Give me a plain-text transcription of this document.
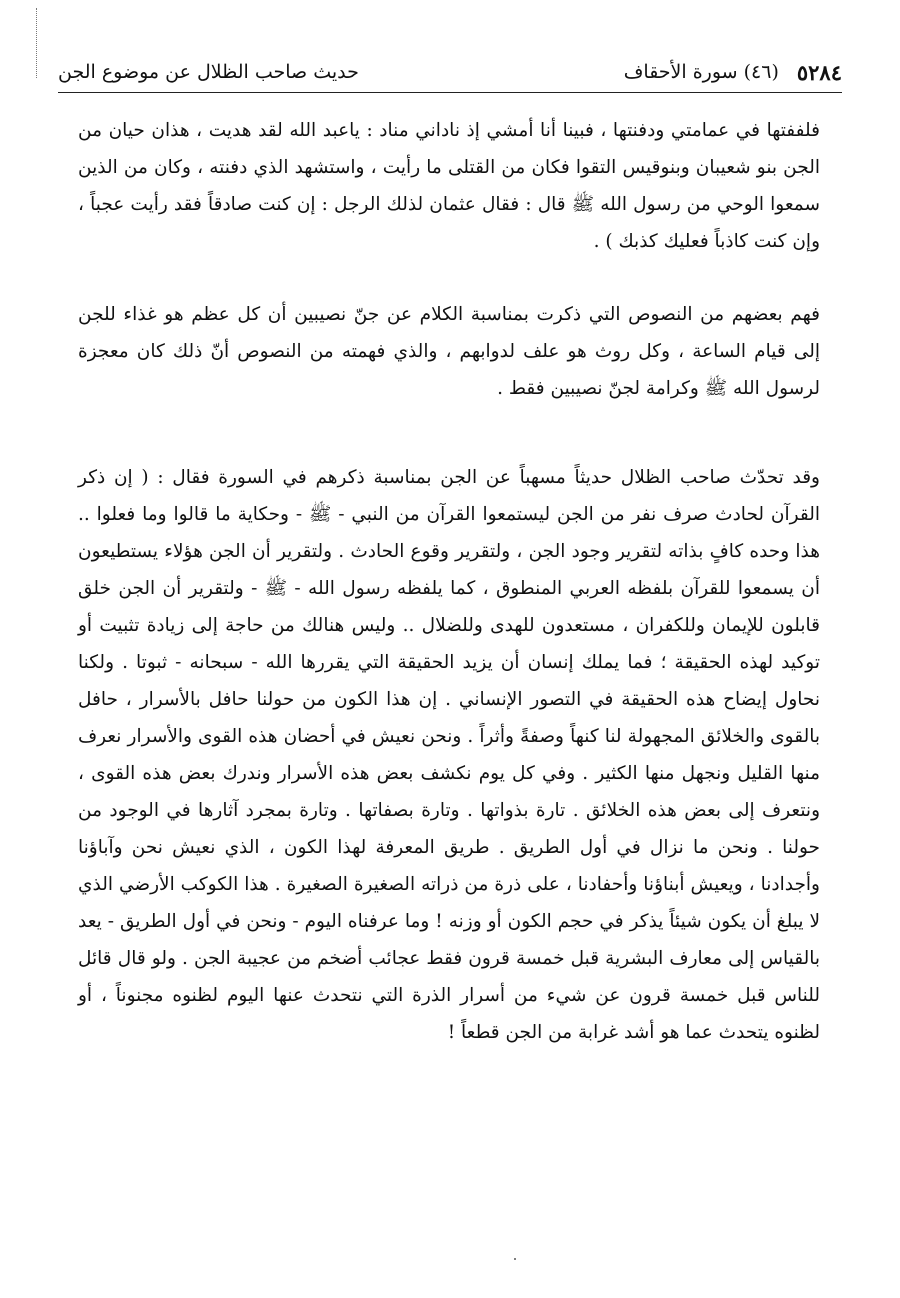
٥٢٨٤
(٤٦) سورة الأحقاف
حديث صاحب الظلال عن موضوع الجن

فلففتها في عمامتي ودفنتها ، فبينا أنا أمشي إذ ناداني مناد : ياعبد الله لقد هديت ، هذان حيان من الجن بنو شعيبان وبنوقيس التقوا فكان من القتلى ما رأيت ، واستشهد الذي دفنته ، وكان من الذين سمعوا الوحي من رسول الله ﷺ قال : فقال عثمان لذلك الرجل : إن كنت صادقاً فقد رأيت عجباً ، وإن كنت كاذباً فعليك كذبك ) .

فهم بعضهم من النصوص التي ذكرت بمناسبة الكلام عن جنّ نصيبين أن كل عظم هو غذاء للجن إلى قيام الساعة ، وكل روث هو علف لدوابهم ، والذي فهمته من النصوص أنّ ذلك كان معجزة لرسول الله ﷺ وكرامة لجنّ نصيبين فقط .

وقد تحدّث صاحب الظلال حديثاً مسهباً عن الجن بمناسبة ذكرهم في السورة فقال : ( إن ذكر القرآن لحادث صرف نفر من الجن ليستمعوا القرآن من النبي - ﷺ - وحكاية ما قالوا وما فعلوا .. هذا وحده كافٍ بذاته لتقرير وجود الجن ، ولتقرير وقوع الحادث . ولتقرير أن الجن هؤلاء يستطيعون أن يسمعوا للقرآن بلفظه العربي المنطوق ، كما يلفظه رسول الله - ﷺ - ولتقرير أن الجن خلق قابلون للإيمان وللكفران ، مستعدون للهدى وللضلال .. وليس هنالك من حاجة إلى زيادة تثبيت أو توكيد لهذه الحقيقة ؛ فما يملك إنسان أن يزيد الحقيقة التي يقررها الله - سبحانه - ثبوتا . ولكنا نحاول إيضاح هذه الحقيقة في التصور الإنساني . إن هذا الكون من حولنا حافل بالأسرار ، حافل بالقوى والخلائق المجهولة لنا كنهاً وصفةً وأثراً . ونحن نعيش في أحضان هذه القوى والأسرار نعرف منها القليل ونجهل منها الكثير . وفي كل يوم نكشف بعض هذه الأسرار وندرك بعض هذه القوى ، ونتعرف إلى بعض هذه الخلائق . تارة بذواتها . وتارة بصفاتها . وتارة بمجرد آثارها في الوجود من حولنا . ونحن ما نزال في أول الطريق . طريق المعرفة لهذا الكون ، الذي نعيش نحن وآباؤنا وأجدادنا ، ويعيش أبناؤنا وأحفادنا ، على ذرة من ذراته الصغيرة الصغيرة . هذا الكوكب الأرضي الذي لا يبلغ أن يكون شيئاً يذكر في حجم الكون أو وزنه ! وما عرفناه اليوم - ونحن في أول الطريق - يعد بالقياس إلى معارف البشرية قبل خمسة قرون فقط عجائب أضخم من عجيبة الجن . ولو قال قائل للناس قبل خمسة قرون عن شيء من أسرار الذرة التي نتحدث عنها اليوم لظنوه مجنوناً ، أو لظنوه يتحدث عما هو أشد غرابة من الجن قطعاً !
